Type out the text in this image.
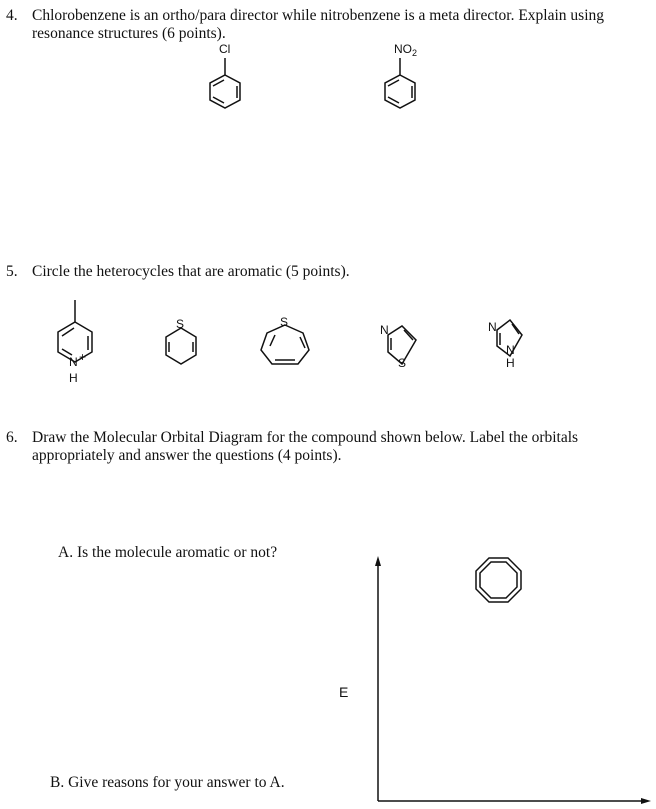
4. Chlorobenzene is an ortho/para director while nitrobenzene is a meta director. Explain using
resonance structures (6 points).
5. Circle the heterocycles that are aromatic (5 points).
6. Draw the Molecular Orbital Diagram for the compound shown below. Label the orbitals
appropriately and answer the questions (4 points).
A. Is the molecule aromatic or not?
B. Give reasons for your answer to A.
Cl	$NO_2$
N +
H
S	S
N
S
N
N
H
E
